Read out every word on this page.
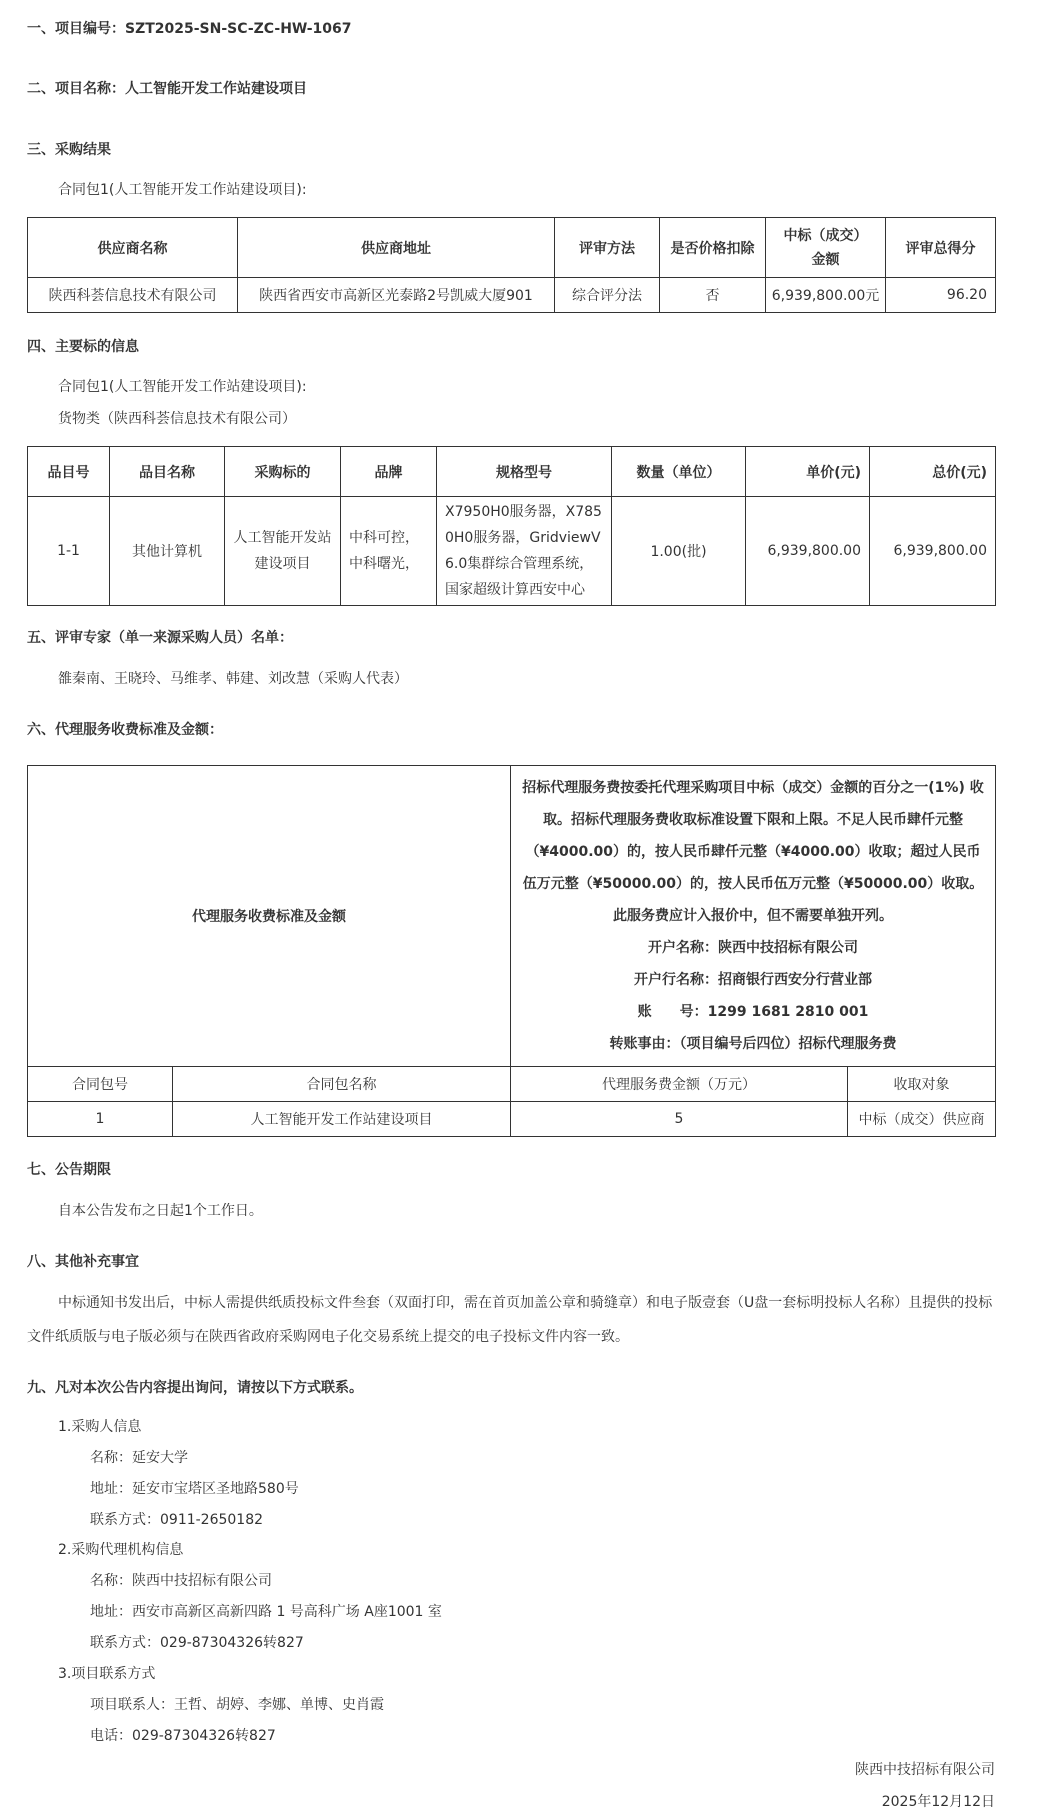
一、项目编号：SZT2025-SN-SC-ZC-HW-1067
二、项目名称：人工智能开发工作站建设项目
三、采购结果
合同包1(人工智能开发工作站建设项目):
供应商名称	供应商地址	评审方法	是否价格扣除	中标（成交）金额	评审总得分
陕西科荟信息技术有限公司	陕西省西安市高新区光泰路2号凯威大厦901	综合评分法	否	6,939,800.00元	96.20
四、主要标的信息
合同包1(人工智能开发工作站建设项目):
货物类（陕西科荟信息技术有限公司）
品目号	品目名称	采购标的	品牌	规格型号	数量（单位）	单价(元)	总价(元)
1-1	其他计算机	人工智能开发站建设项目	中科可控，中科曙光，	X7950H0服务器，X7850H0服务器，GridviewV6.0集群综合管理系统，国家超级计算西安中心	1.00(批)	6,939,800.00	6,939,800.00
五、评审专家（单一来源采购人员）名单：
雒秦南、王晓玲、马维孝、韩建、刘改慧（采购人代表）
六、代理服务收费标准及金额：
代理服务收费标准及金额		招标代理服务费按委托代理采购项目中标（成交）金额的百分之一(1%) 收取。招标代理服务费收取标准设置下限和上限。不足人民币肆仟元整（¥4000.00）的，按人民币肆仟元整（¥4000.00）收取；超过人民币伍万元整（¥50000.00）的，按人民币伍万元整（¥50000.00）收取。此服务费应计入报价中，但不需要单独开列。
开户名称：陕西中技招标有限公司
开户行名称：招商银行西安分行营业部
账　　号：1299 1681 2810 001
转账事由：（项目编号后四位）招标代理服务费	

合同包号	合同包名称	代理服务费金额（万元）	收取对象
1	人工智能开发工作站建设项目	5	中标（成交）供应商
七、公告期限
自本公告发布之日起1个工作日。
八、其他补充事宜
中标通知书发出后，中标人需提供纸质投标文件叁套（双面打印，需在首页加盖公章和骑缝章）和电子版壹套（U盘一套标明投标人名称）且提供的投标
文件纸质版与电子版必须与在陕西省政府采购网电子化交易系统上提交的电子投标文件内容一致。
九、凡对本次公告内容提出询问，请按以下方式联系。
1.采购人信息
名称：延安大学
地址：延安市宝塔区圣地路580号
联系方式：0911-2650182
2.采购代理机构信息
名称：陕西中技招标有限公司
地址：西安市高新区高新四路 1 号高科广场 A座1001 室
联系方式：029-87304326转827
3.项目联系方式
项目联系人：王哲、胡婷、李娜、单博、史肖霞
电话：029-87304326转827
陕西中技招标有限公司
2025年12月12日
